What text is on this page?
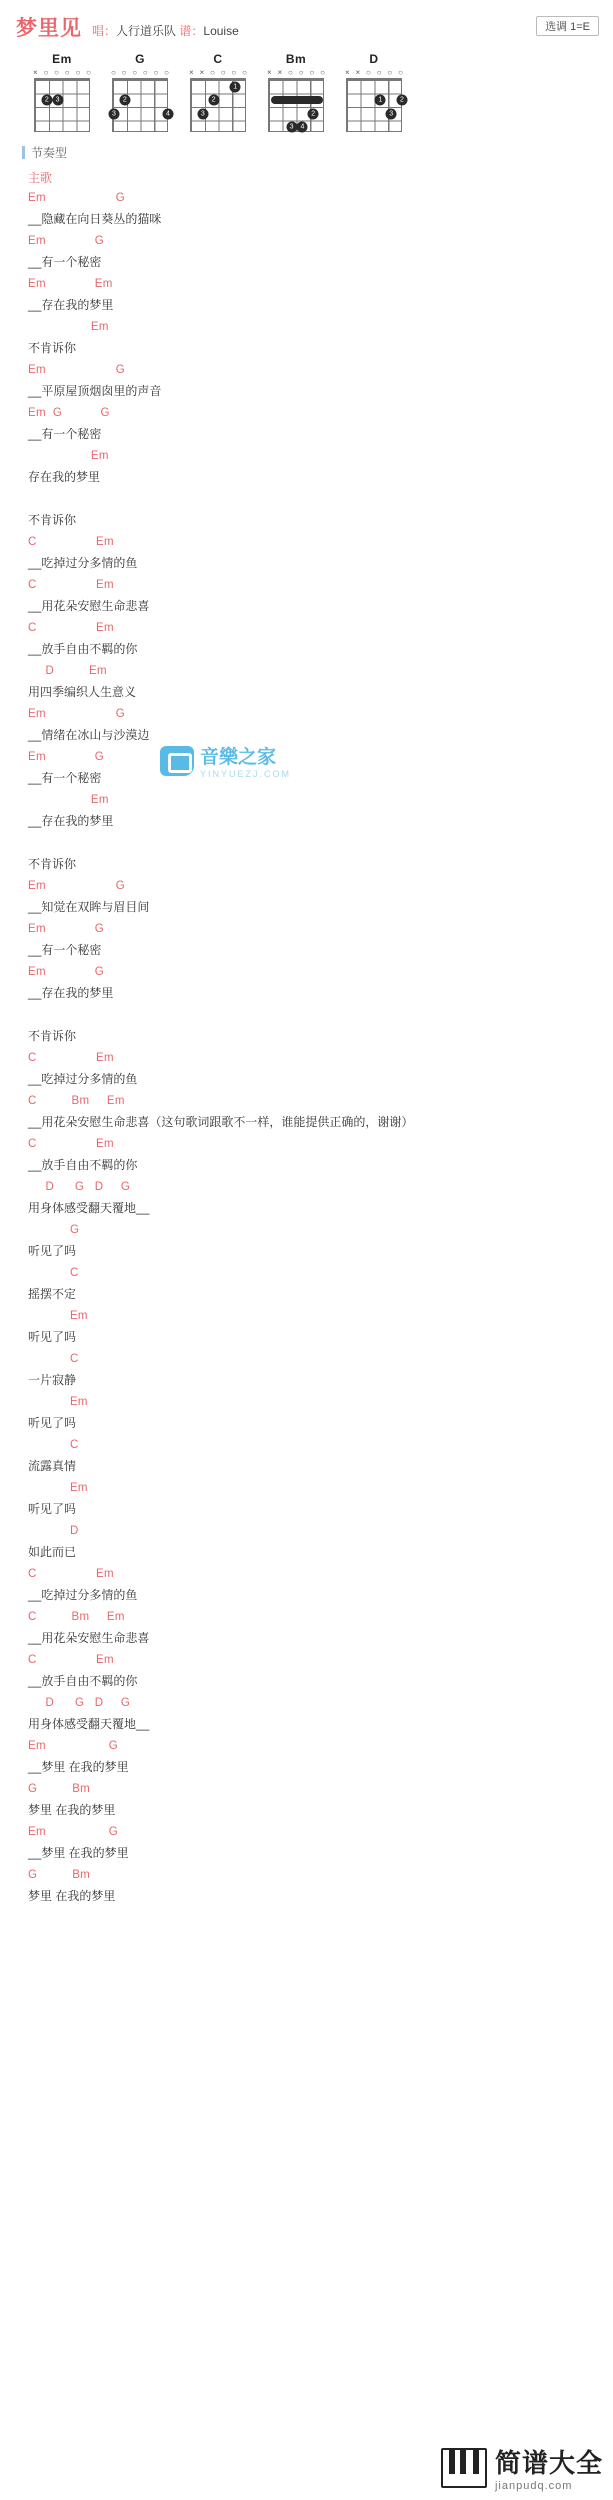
梦里见 唱：人行道乐队 谱：Louise	选调 1=E
Em
× ○ ○ ○ ○ ○
2 3
G
○ ○ ○ ○ ○ ○
3
2
4
C
× × ○ ○ ○ ○
3
2
1
Bm
× × ○ ○ ○ ○
3 4
2
D
× × ○ ○ ○ ○
1
3
2
节奏型
主歌
Em                    G
__隐藏在向日葵丛的猫咪
Em              G
__有一个秘密
Em              Em
__存在我的梦里
Em
不肯诉你
Em                    G
__平原屋顶烟囱里的声音
Em  G           G
__有一个秘密
Em
存在我的梦里
不肯诉你
C                 Em
__吃掉过分多情的鱼
C                 Em
__用花朵安慰生命悲喜
C                 Em
__放手自由不羁的你
D          Em
用四季编织人生意义
Em                    G
__情绪在冰山与沙漠边
Em              G
__有一个秘密
Em
__存在我的梦里
不肯诉你
Em                    G
__知觉在双眸与眉目间
Em              G
__有一个秘密
Em              G
__存在我的梦里
不肯诉你
C                 Em
__吃掉过分多情的鱼
C          Bm     Em
__用花朵安慰生命悲喜（这句歌词跟歌不一样，谁能提供正确的，谢谢）
C                 Em
__放手自由不羁的你
D      G   D     G
用身体感受翻天覆地__
G
听见了吗
C
摇摆不定
Em
听见了吗
C
一片寂静
Em
听见了吗
C
流露真情
Em
听见了吗
D
如此而已
C                 Em
__吃掉过分多情的鱼
C          Bm     Em
__用花朵安慰生命悲喜
C                 Em
__放手自由不羁的你
D      G   D     G
用身体感受翻天覆地__
Em                  G
__梦里 在我的梦里
G          Bm
梦里 在我的梦里
Em                  G
__梦里 在我的梦里
G          Bm
梦里 在我的梦里
音樂之家
YINYUEZJ.COM
简谱大全
jianpudq.com
